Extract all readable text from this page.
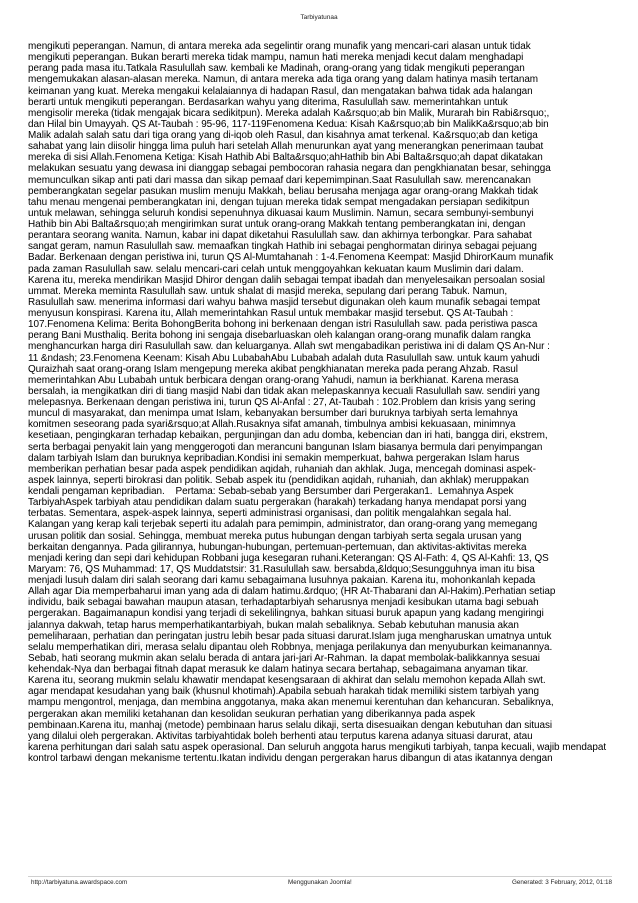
Tarbiyatunaa
mengikuti peperangan. Namun, di antara mereka ada segelintir orang munafik yang mencari-cari alasan untuk tidak
mengikuti peperangan. Bukan berarti mereka tidak mampu, namun hati mereka menjadi kecut dalam menghadapi
perang pada masa itu.Tatkala Rasulullah saw. kembali ke Madinah, orang-orang yang tidak mengikuti peperangan
mengemukakan alasan-alasan mereka. Namun, di antara mereka ada tiga orang yang dalam hatinya masih tertanam
keimanan yang kuat. Mereka mengakui kelalaiannya di hadapan Rasul, dan mengatakan bahwa tidak ada halangan
berarti untuk mengikuti peperangan. Berdasarkan wahyu yang diterima, Rasulullah saw. memerintahkan untuk
mengisolir mereka (tidak mengajak bicara sedikitpun). Mereka adalah Ka&rsquo;ab bin Malik, Murarah bin Rabi&rsquo;,
dan Hilal bin Umayyah. QS At-Taubah : 95-96, 117-119Fenomena Kedua: Kisah Ka&rsquo;ab bin MalikKa&rsquo;ab bin
Malik adalah salah satu dari tiga orang yang di-iqob oleh Rasul, dan kisahnya amat terkenal. Ka&rsquo;ab dan ketiga
sahabat yang lain diisolir hingga lima puluh hari setelah Allah menurunkan ayat yang menerangkan penerimaan taubat
mereka di sisi Allah.Fenomena Ketiga: Kisah Hathib Abi Balta&rsquo;ahHathib bin Abi Balta&rsquo;ah dapat dikatakan
melakukan sesuatu yang dewasa ini dianggap sebagai pembocoran rahasia negara dan pengkhianatan besar, sehingga
memunculkan sikap anti pati dari massa dan sikap pemaaf dari kepemimpinan.Saat Rasulullah saw. merencanakan
pemberangkatan segelar pasukan muslim menuju Makkah, beliau berusaha menjaga agar orang-orang Makkah tidak
tahu menau mengenai pemberangkatan ini, dengan tujuan mereka tidak sempat mengadakan persiapan sedikitpun
untuk melawan, sehingga seluruh kondisi sepenuhnya dikuasai kaum Muslimin. Namun, secara sembunyi-sembunyi
Hathib bin Abi Balta&rsquo;ah mengirimkan surat untuk orang-orang Makkah tentang pemberangkatan ini, dengan
perantara seorang wanita. Namun, kabar ini dapat diketahui Rasulullah saw. dan akhirnya terbongkar. Para sahabat
sangat geram, namun Rasulullah saw. memaafkan tingkah Hathib ini sebagai penghormatan dirinya sebagai pejuang
Badar. Berkenaan dengan peristiwa ini, turun QS Al-Mumtahanah : 1-4.Fenomena Keempat: Masjid DhirorKaum munafik
pada zaman Rasulullah saw. selalu mencari-cari celah untuk menggoyahkan kekuatan kaum Muslimin dari dalam.
Karena itu, mereka mendirikan Masjid Dhiror dengan dalih sebagai tempat ibadah dan menyelesaikan persoalan sosial
ummat. Mereka meminta Rasulullah saw. untuk shalat di masjid mereka, sepulang dari perang Tabuk. Namun,
Rasulullah saw. menerima informasi dari wahyu bahwa masjid tersebut digunakan oleh kaum munafik sebagai tempat
menyusun konspirasi. Karena itu, Allah memerintahkan Rasul untuk membakar masjid tersebut. QS At-Taubah :
107.Fenomena Kelima: Berita BohongBerita bohong ini berkenaan dengan istri Rasulullah saw. pada peristiwa pasca
perang Bani Musthaliq. Berita bohong ini sengaja disebarluaskan oleh kalangan orang-orang munafik dalam rangka
menghancurkan harga diri Rasulullah saw. dan keluarganya. Allah swt mengabadikan peristiwa ini di dalam QS An-Nur :
11 &ndash; 23.Fenomena Keenam: Kisah Abu LubabahAbu Lubabah adalah duta Rasulullah saw. untuk kaum yahudi
Quraizhah saat orang-orang Islam mengepung mereka akibat pengkhianatan mereka pada perang Ahzab. Rasul
memerintahkan Abu Lubabah untuk berbicara dengan orang-orang Yahudi, namun ia berkhianat. Karena merasa
bersalah, ia mengikatkan diri di tiang masjid Nabi dan tidak akan melepaskannya kecuali Rasulullah saw. sendiri yang
melepasnya. Berkenaan dengan peristiwa ini, turun QS Al-Anfal : 27, At-Taubah : 102.Problem dan krisis yang sering
muncul di masyarakat, dan menimpa umat Islam, kebanyakan bersumber dari buruknya tarbiyah serta lemahnya
komitmen seseorang pada syari&rsquo;at Allah.Rusaknya sifat amanah, timbulnya ambisi kekuasaan, minimnya
kesetiaan, pengingkaran terhadap kebaikan, pergunjingan dan adu domba, kebencian dan iri hati, bangga diri, ekstrem,
serta berbagai penyakit lain yang menggerogoti dan merancuni bangunan Islam biasanya bermula dari penyimpangan
dalam tarbiyah Islam dan buruknya kepribadian.Kondisi ini semakin memperkuat, bahwa pergerakan Islam harus
memberikan perhatian besar pada aspek pendidikan aqidah, ruhaniah dan akhlak. Juga, mencegah dominasi aspek-
aspek lainnya, seperti birokrasi dan politik. Sebab aspek itu (pendidikan aqidah, ruhaniah, dan akhlak) meruppakan
kendali pengaman kepribadian.    Pertama: Sebab-sebab yang Bersumber dari Pergerakan1.  Lemahnya Aspek
TarbiyahAspek tarbiyah atau pendidikan dalam suatu pergerakan (harakah) terkadang hanya mendapat porsi yang
terbatas. Sementara, aspek-aspek lainnya, seperti administrasi organisasi, dan politik mengalahkan segala hal.
Kalangan yang kerap kali terjebak seperti itu adalah para pemimpin, administrator, dan orang-orang yang memegang
urusan politik dan sosial. Sehingga, membuat mereka putus hubungan dengan tarbiyah serta segala urusan yang
berkaitan dengannya. Pada gilirannya, hubungan-hubungan, pertemuan-pertemuan, dan aktivitas-aktivitas mereka
menjadi kering dan sepi dari kehidupan Robbani juga kesegaran ruhani.Keterangan: QS Al-Fath: 4, QS Al-Kahfi: 13, QS
Maryam: 76, QS Muhammad: 17, QS Muddatstsir: 31.Rasulullah saw. bersabda,&ldquo;Sesungguhnya iman itu bisa
menjadi lusuh dalam diri salah seorang dari kamu sebagaimana lusuhnya pakaian. Karena itu, mohonkanlah kepada
Allah agar Dia memperbaharui iman yang ada di dalam hatimu.&rdquo; (HR At-Thabarani dan Al-Hakim).Perhatian setiap
individu, baik sebagai bawahan maupun atasan, terhadaptarbiyah seharusnya menjadi kesibukan utama bagi sebuah
pergerakan. Bagaimanapun kondisi yang terjadi di sekelilingnya, bahkan situasi buruk apapun yang kadang mengiringi
jalannya dakwah, tetap harus memperhatikantarbiyah, bukan malah sebaliknya. Sebab kebutuhan manusia akan
pemeliharaan, perhatian dan peringatan justru lebih besar pada situasi darurat.Islam juga mengharuskan umatnya untuk
selalu memperhatikan diri, merasa selalu dipantau oleh Robbnya, menjaga perilakunya dan menyuburkan keimanannya.
Sebab, hati seorang mukmin akan selalu berada di antara jari-jari Ar-Rahman. Ia dapat membolak-balikkannya sesuai
kehendak-Nya dan berbagai fitnah dapat merasuk ke dalam hatinya secara bertahap, sebagaimana anyaman tikar.
Karena itu, seorang mukmin selalu khawatir mendapat kesengsaraan di akhirat dan selalu memohon kepada Allah swt.
agar mendapat kesudahan yang baik (khusnul khotimah).Apabila sebuah harakah tidak memiliki sistem tarbiyah yang
mampu mengontrol, menjaga, dan membina anggotanya, maka akan menemui kerentuhan dan kehancuran. Sebaliknya,
pergerakan akan memiliki ketahanan dan kesolidan seukuran perhatian yang diberikannya pada aspek
pembinaan.Karena itu, manhaj (metode) pembinaan harus selalu dikaji, serta disesuaikan dengan kebutuhan dan situasi
yang dilalui oleh pergerakan. Aktivitas tarbiyahtidak boleh berhenti atau terputus karena adanya situasi darurat, atau
karena perhitungan dari salah satu aspek operasional. Dan seluruh anggota harus mengikuti tarbiyah, tanpa kecuali, wajib mendapat
kontrol tarbawi dengan mekanisme tertentu.Ikatan individu dengan pergerakan harus dibangun di atas ikatannya dengan
http://tarbiyatuna.awardspace.com	Menggunakan Joomla!	Generated: 3 February, 2012, 01:18
